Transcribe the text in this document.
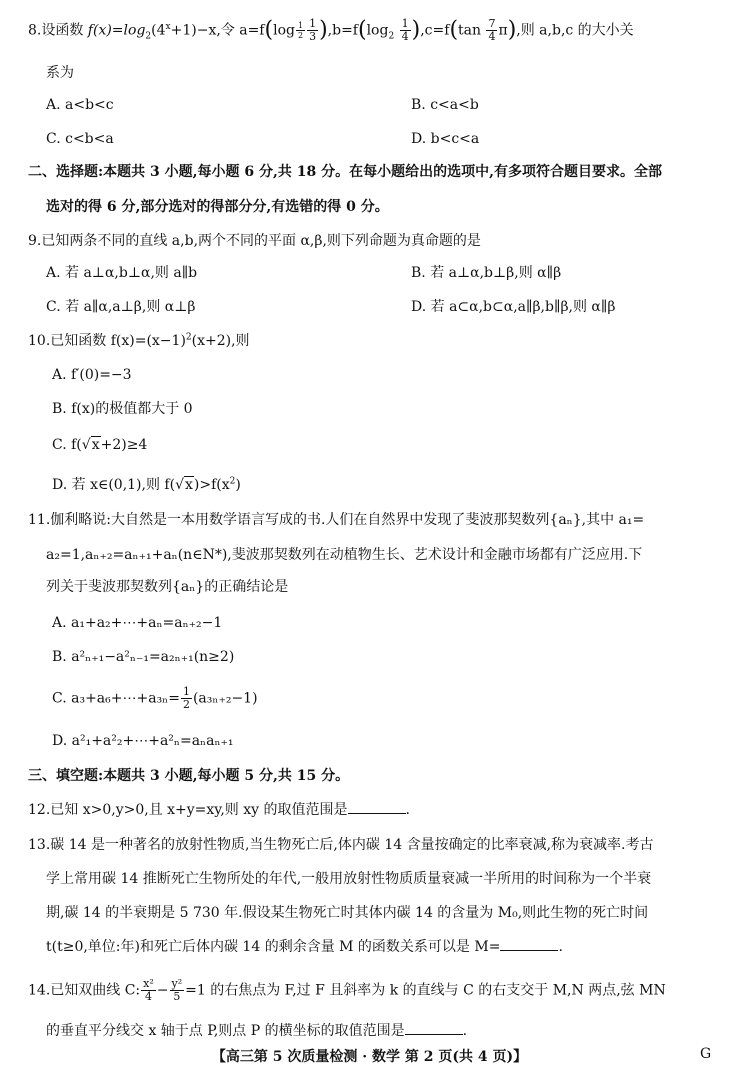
8.设函数 $f(x)=\log_2(4^x+1)-x$,令 $a=f(\log \frac{1}{2} \frac{1}{3} ),b=f(\log_2 \frac{1}{4} ),c=f(\tan \frac{7}{4} \pi)$,则 a,b,c 的大小关
系为
A. a<b<c	B. c<a<b
C. c<b<a	D. b<c<a
二、选择题:本题共 3 小题,每小题 6 分,共 18 分。在每小题给出的选项中,有多项符合题目要求。全部
选对的得 6 分,部分选对的得部分分,有选错的得 0 分。
9.已知两条不同的直线 a,b,两个不同的平面 α,β,则下列命题为真命题的是
A. 若 a⊥α,b⊥α,则 a∥b	B. 若 a⊥α,b⊥β,则 α∥β
C. 若 a∥α,a⊥β,则 α⊥β	D. 若 a⊂α,b⊂α,a∥β,b∥β,则 α∥β
10.已知函数 $f(x)=(x-1)^2(x+2)$,则
A. f′(0)=−3
B. f(x)的极值都大于 0
C. f(√x+2)≥4
D. 若 x∈(0,1),则 $f(√x)>f(x^2)$
11.伽利略说:大自然是一本用数学语言写成的书.人们在自然界中发现了斐波那契数列{aₙ},其中 a₁=
a₂=1,aₙ₊₂=aₙ₊₁+aₙ(n∈N*),斐波那契数列在动植物生长、艺术设计和金融市场都有广泛应用.下
列关于斐波那契数列{aₙ}的正确结论是
A. a₁+a₂+⋯+aₙ=aₙ₊₂−1
B. a²ₙ₊₁−a²ₙ₋₁=a₂ₙ₊₁(n≥2)
C. a₃+a₆+⋯+a₃ₙ= $\frac{1}{2} (a_{3n+2}-1)$
D. a²₁+a²₂+⋯+a²ₙ=aₙaₙ₊₁
三、填空题:本题共 3 小题,每小题 5 分,共 15 分。
12.已知 x>0,y>0,且 x+y=xy,则 xy 的取值范围是	.
13.碳 14 是一种著名的放射性物质,当生物死亡后,体内碳 14 含量按确定的比率衰减,称为衰减率.考古
学上常用碳 14 推断死亡生物所处的年代,一般用放射性物质质量衰减一半所用的时间称为一个半衰
期,碳 14 的半衰期是 5 730 年.假设某生物死亡时其体内碳 14 的含量为 M₀,则此生物的死亡时间
t(t≥0,单位:年)和死亡后体内碳 14 的剩余含量 M 的函数关系可以是 M=	.
14.已知双曲线 C: $\frac{\text{x²}}{4} - \frac{\text{y²}}{5} =1$ 的右焦点为 F,过 F 且斜率为 k 的直线与 C 的右支交于 M,N 两点,弦 MN
的垂直平分线交 x 轴于点 P,则点 P 的横坐标的取值范围是	.
【高三第 5 次质量检测 · 数学 第 2 页(共 4 页)】	G
